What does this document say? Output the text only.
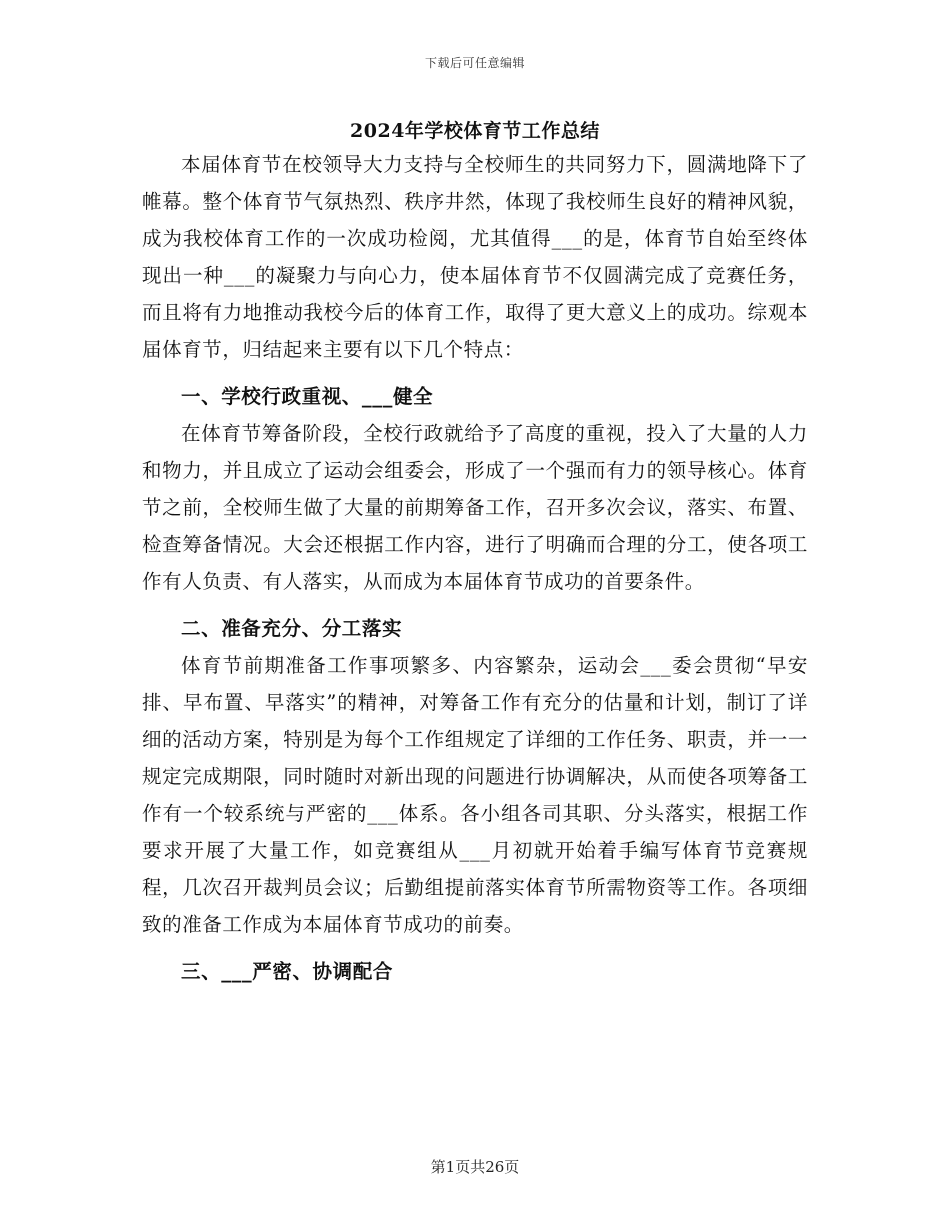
下载后可任意编辑
2024年学校体育节工作总结

本届体育节在校领导大力支持与全校师生的共同努力下，圆满地降下了帷幕。整个体育节气氛热烈、秩序井然，体现了我校师生良好的精神风貌，成为我校体育工作的一次成功检阅，尤其值得___的是，体育节自始至终体现出一种___的凝聚力与向心力，使本届体育节不仅圆满完成了竞赛任务，而且将有力地推动我校今后的体育工作，取得了更大意义上的成功。综观本届体育节，归结起来主要有以下几个特点：

一、学校行政重视、___健全

在体育节筹备阶段，全校行政就给予了高度的重视，投入了大量的人力和物力，并且成立了运动会组委会，形成了一个强而有力的领导核心。体育节之前，全校师生做了大量的前期筹备工作，召开多次会议，落实、布置、检查筹备情况。大会还根据工作内容，进行了明确而合理的分工，使各项工作有人负责、有人落实，从而成为本届体育节成功的首要条件。

二、准备充分、分工落实

体育节前期准备工作事项繁多、内容繁杂，运动会___委会贯彻“早安排、早布置、早落实”的精神，对筹备工作有充分的估量和计划，制订了详细的活动方案，特别是为每个工作组规定了详细的工作任务、职责，并一一规定完成期限，同时随时对新出现的问题进行协调解决，从而使各项筹备工作有一个较系统与严密的___体系。各小组各司其职、分头落实，根据工作要求开展了大量工作，如竞赛组从___月初就开始着手编写体育节竞赛规程，几次召开裁判员会议；后勤组提前落实体育节所需物资等工作。各项细致的准备工作成为本届体育节成功的前奏。

三、___严密、协调配合

第1页共26页
